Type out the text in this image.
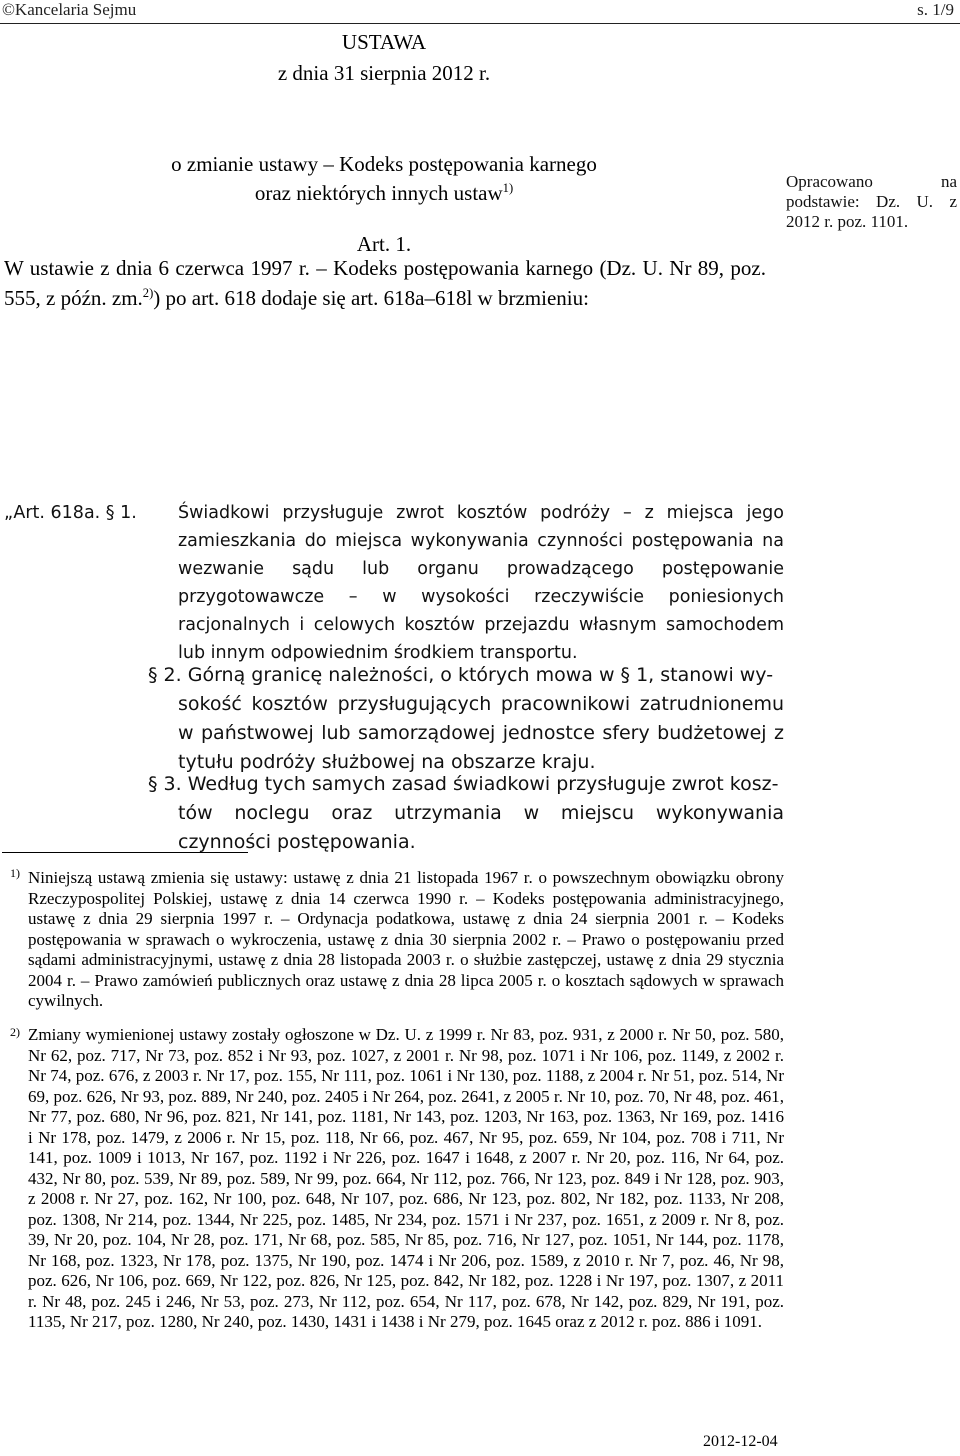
©Kancelaria Sejmu	s. 1/9
Opracowano na podstawie: Dz. U. z 2012 r. poz. 1101.
USTAWA
z dnia 31 sierpnia 2012 r.
o zmianie ustawy – Kodeks postępowania karnego
oraz niektórych innych ustaw$^{1)}$
Art. 1.
W ustawie z dnia 6 czerwca 1997 r. – Kodeks postępowania karnego (Dz. U. Nr 89, poz. 555, z późn. zm.$^{2)}$) po art. 618 dodaje się art. 618a–618l w brzmieniu:
„Art. 618a. § 1.	Świadkowi przysługuje zwrot kosztów podróży – z miejsca jego zamieszkania do miejsca wykonywania czynności postępowania na wezwanie sądu lub organu prowadzącego postępowanie przygotowawcze – w wysokości rzeczywiście poniesionych racjonalnych i celowych kosztów przejazdu własnym samochodem lub innym odpowiednim środkiem transportu.
§ 2. Górną granicę należności, o których mowa w § 1, stanowi wy-
sokość kosztów przysługujących pracownikowi zatrudnionemu w państwowej lub samorządowej jednostce sfery budżetowej z tytułu podróży służbowej na obszarze kraju.
§ 3. Według tych samych zasad świadkowi przysługuje zwrot kosz-
tów noclegu oraz utrzymania w miejscu wykonywania czynności postępowania.
1) Niniejszą ustawą zmienia się ustawy: ustawę z dnia 21 listopada 1967 r. o powszechnym obowiązku obrony Rzeczypospolitej Polskiej, ustawę z dnia 14 czerwca 1990 r. – Kodeks postępowania administracyjnego, ustawę z dnia 29 sierpnia 1997 r. – Ordynacja podatkowa, ustawę z dnia 24 sierpnia 2001 r. – Kodeks postępowania w sprawach o wykroczenia, ustawę z dnia 30 sierpnia 2002 r. – Prawo o postępowaniu przed sądami administracyjnymi, ustawę z dnia 28 listopada 2003 r. o służbie zastępczej, ustawę z dnia 29 stycznia 2004 r. – Prawo zamówień publicznych oraz ustawę z dnia 28 lipca 2005 r. o kosztach sądowych w sprawach cywilnych.
2) Zmiany wymienionej ustawy zostały ogłoszone w Dz. U. z 1999 r. Nr 83, poz. 931, z 2000 r. Nr 50, poz. 580, Nr 62, poz. 717, Nr 73, poz. 852 i Nr 93, poz. 1027, z 2001 r. Nr 98, poz. 1071 i Nr 106, poz. 1149, z 2002 r. Nr 74, poz. 676, z 2003 r. Nr 17, poz. 155, Nr 111, poz. 1061 i Nr 130, poz. 1188, z 2004 r. Nr 51, poz. 514, Nr 69, poz. 626, Nr 93, poz. 889, Nr 240, poz. 2405 i Nr 264, poz. 2641, z 2005 r. Nr 10, poz. 70, Nr 48, poz. 461, Nr 77, poz. 680, Nr 96, poz. 821, Nr 141, poz. 1181, Nr 143, poz. 1203, Nr 163, poz. 1363, Nr 169, poz. 1416 i Nr 178, poz. 1479, z 2006 r. Nr 15, poz. 118, Nr 66, poz. 467, Nr 95, poz. 659, Nr 104, poz. 708 i 711, Nr 141, poz. 1009 i 1013, Nr 167, poz. 1192 i Nr 226, poz. 1647 i 1648, z 2007 r. Nr 20, poz. 116, Nr 64, poz. 432, Nr 80, poz. 539, Nr 89, poz. 589, Nr 99, poz. 664, Nr 112, poz. 766, Nr 123, poz. 849 i Nr 128, poz. 903, z 2008 r. Nr 27, poz. 162, Nr 100, poz. 648, Nr 107, poz. 686, Nr 123, poz. 802, Nr 182, poz. 1133, Nr 208, poz. 1308, Nr 214, poz. 1344, Nr 225, poz. 1485, Nr 234, poz. 1571 i Nr 237, poz. 1651, z 2009 r. Nr 8, poz. 39, Nr 20, poz. 104, Nr 28, poz. 171, Nr 68, poz. 585, Nr 85, poz. 716, Nr 127, poz. 1051, Nr 144, poz. 1178, Nr 168, poz. 1323, Nr 178, poz. 1375, Nr 190, poz. 1474 i Nr 206, poz. 1589, z 2010 r. Nr 7, poz. 46, Nr 98, poz. 626, Nr 106, poz. 669, Nr 122, poz. 826, Nr 125, poz. 842, Nr 182, poz. 1228 i Nr 197, poz. 1307, z 2011 r. Nr 48, poz. 245 i 246, Nr 53, poz. 273, Nr 112, poz. 654, Nr 117, poz. 678, Nr 142, poz. 829, Nr 191, poz. 1135, Nr 217, poz. 1280, Nr 240, poz. 1430, 1431 i 1438 i Nr 279, poz. 1645 oraz z 2012 r. poz. 886 i 1091.
2012-12-04
